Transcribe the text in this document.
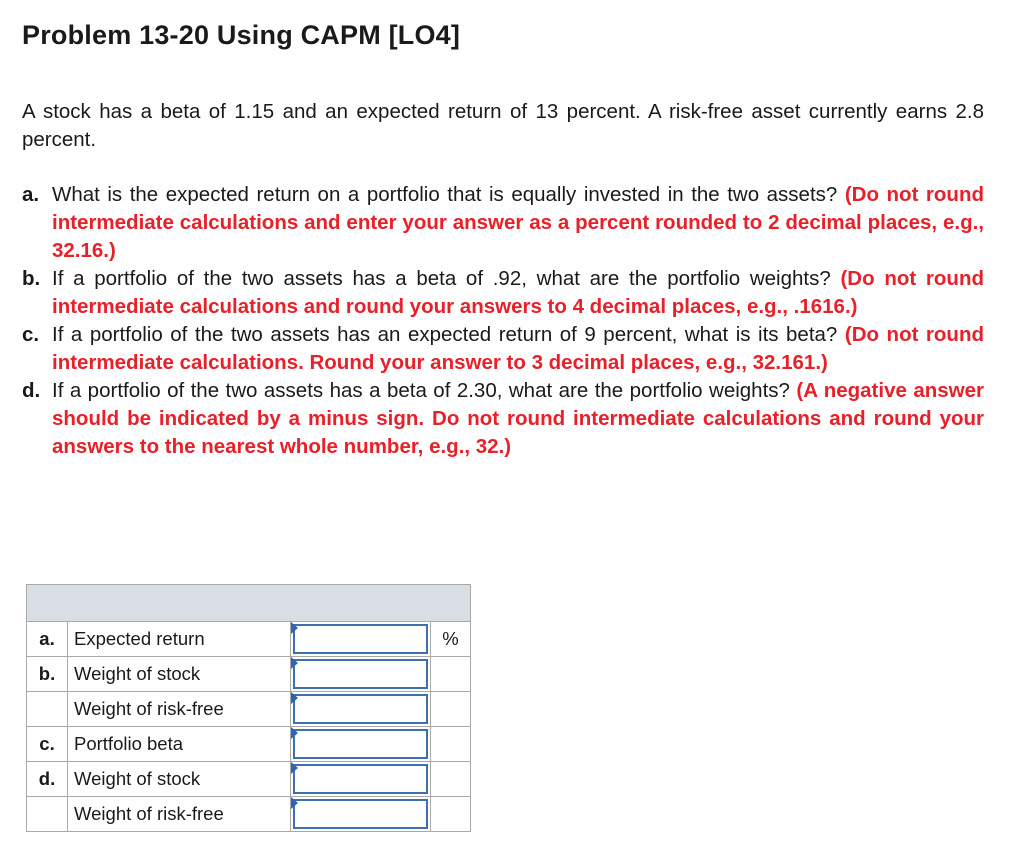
Problem 13-20 Using CAPM [LO4]
A stock has a beta of 1.15 and an expected return of 13 percent. A risk-free asset currently earns 2.8 percent.
a. What is the expected return on a portfolio that is equally invested in the two assets? (Do not round intermediate calculations and enter your answer as a percent rounded to 2 decimal places, e.g., 32.16.)
b. If a portfolio of the two assets has a beta of .92, what are the portfolio weights? (Do not round intermediate calculations and round your answers to 4 decimal places, e.g., .1616.)
c. If a portfolio of the two assets has an expected return of 9 percent, what is its beta? (Do not round intermediate calculations. Round your answer to 3 decimal places, e.g., 32.161.)
d. If a portfolio of the two assets has a beta of 2.30, what are the portfolio weights? (A negative answer should be indicated by a minus sign. Do not round intermediate calculations and round your answers to the nearest whole number, e.g., 32.)

a.	Expected return		%
b.	Weight of stock	

	Weight of risk-free	

c.	Portfolio beta	

d.	Weight of stock	

	Weight of risk-free	
